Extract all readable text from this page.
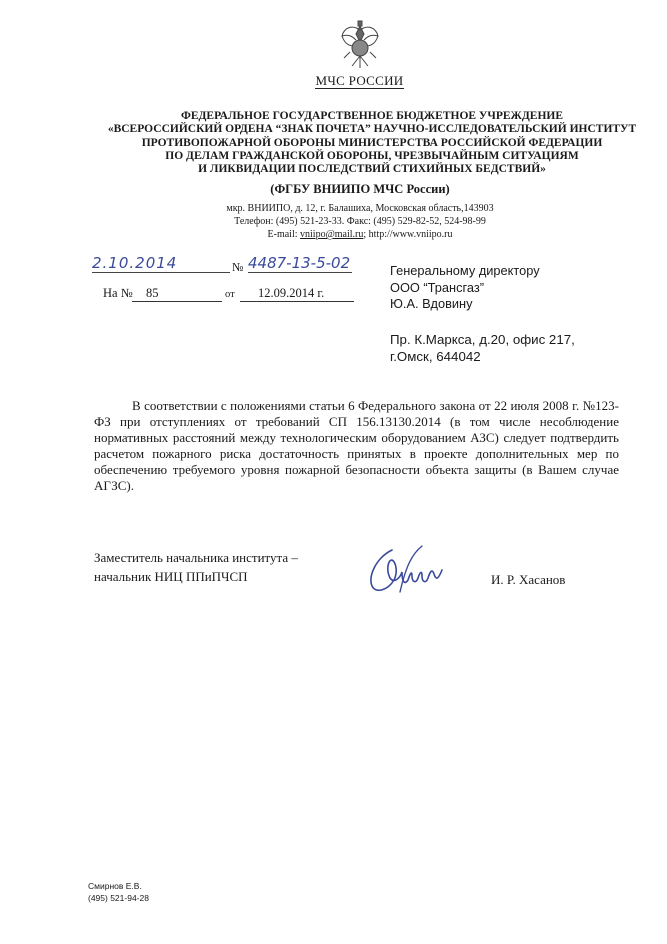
МЧС РОССИИ
ФЕДЕРАЛЬНОЕ ГОСУДАРСТВЕННОЕ БЮДЖЕТНОЕ УЧРЕЖДЕНИЕ
«ВСЕРОССИЙСКИЙ ОРДЕНА “ЗНАК ПОЧЕТА” НАУЧНО-ИССЛЕДОВАТЕЛЬСКИЙ ИНСТИТУТ
ПРОТИВОПОЖАРНОЙ ОБОРОНЫ МИНИСТЕРСТВА РОССИЙСКОЙ ФЕДЕРАЦИИ
ПО ДЕЛАМ ГРАЖДАНСКОЙ ОБОРОНЫ, ЧРЕЗВЫЧАЙНЫМ СИТУАЦИЯМ
И ЛИКВИДАЦИИ ПОСЛЕДСТВИЙ СТИХИЙНЫХ БЕДСТВИЙ»
(ФГБУ ВНИИПО МЧС России)
мкр. ВНИИПО, д. 12, г. Балашиха, Московская область,143903
Телефон: (495) 521-23-33. Факс: (495) 529-82-52, 524-98-99
E-mail: vniipo@mail.ru; http://www.vniipo.ru
2.10.2014	№ 4487-13-5-02
На №	85	от	12.09.2014 г.
Генеральному директору
ООО “Трансгаз”
Ю.А. Вдовину
Пр. К.Маркса, д.20, офис 217,
г.Омск, 644042

В соответствии с положениями статьи 6 Федерального закона от 22 июля 2008 г. №123-ФЗ при отступлениях от требований СП 156.13130.2014 (в том числе несоблюдение нормативных расстояний между технологическим оборудованием АЗС) следует подтвердить расчетом пожарного риска достаточность принятых в проекте дополнительных мер по обеспечению требуемого уровня пожарной безопасности объекта защиты (в Вашем случае АГЗС).

Заместитель начальника института –
начальник НИЦ ППиПЧСП	И. Р. Хасанов
Смирнов Е.В.
(495) 521-94-28
